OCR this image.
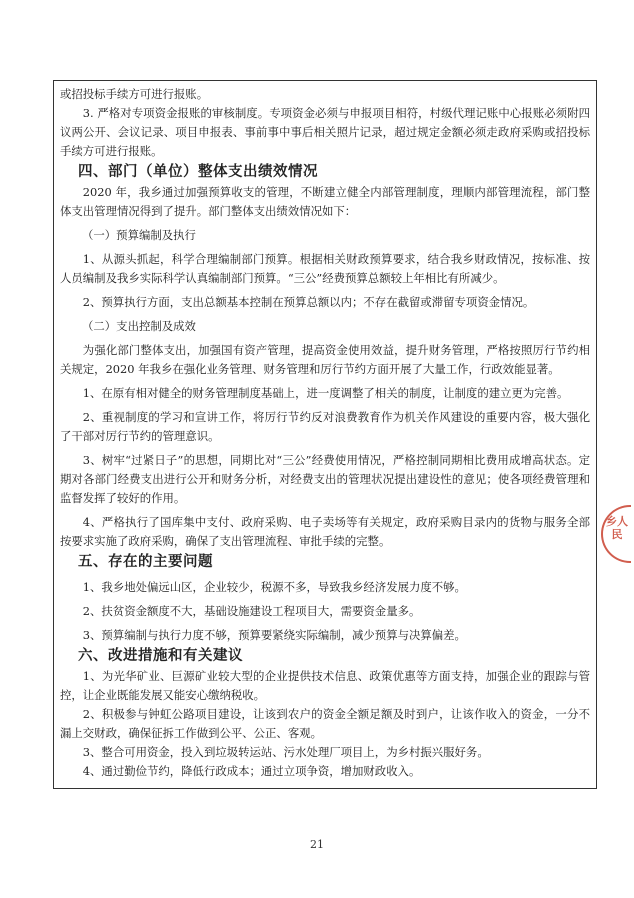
或招投标手续方可进行报账。

3. 严格对专项资金报账的审核制度。专项资金必须与申报项目相符，村级代理记账中心报账必须附四议两公开、会议记录、项目申报表、事前事中事后相关照片记录，超过规定金额必须走政府采购或招投标手续方可进行报账。

四、部门（单位）整体支出绩效情况

2020 年，我乡通过加强预算收支的管理，不断建立健全内部管理制度，理顺内部管理流程，部门整体支出管理情况得到了提升。部门整体支出绩效情况如下：

（一）预算编制及执行

1、从源头抓起，科学合理编制部门预算。根据相关财政预算要求，结合我乡财政情况，按标准、按人员编制及我乡实际科学认真编制部门预算。“三公”经费预算总额较上年相比有所减少。

2、预算执行方面，支出总额基本控制在预算总额以内；不存在截留或滞留专项资金情况。

（二）支出控制及成效

为强化部门整体支出，加强国有资产管理，提高资金使用效益，提升财务管理，严格按照厉行节约相关规定，2020 年我乡在强化业务管理、财务管理和厉行节约方面开展了大量工作，行政效能显著。

1、在原有相对健全的财务管理制度基础上，进一度调整了相关的制度，让制度的建立更为完善。

2、重视制度的学习和宣讲工作，将厉行节约反对浪费教育作为机关作风建设的重要内容，极大强化了干部对厉行节约的管理意识。

3、树牢“过紧日子”的思想，同期比对“三公”经费使用情况，严格控制同期相比费用成增高状态。定期对各部门经费支出进行公开和财务分析，对经费支出的管理状况提出建设性的意见；使各项经费管理和监督发挥了较好的作用。

4、严格执行了国库集中支付、政府采购、电子卖场等有关规定，政府采购目录内的货物与服务全部按要求实施了政府采购，确保了支出管理流程、审批手续的完整。

五、存在的主要问题

1、我乡地处偏远山区，企业较少，税源不多，导致我乡经济发展力度不够。

2、扶贫资金额度不大，基础设施建设工程项目大，需要资金量多。

3、预算编制与执行力度不够，预算要紧绕实际编制，减少预算与决算偏差。

六、改进措施和有关建议

1、为光华矿业、巨源矿业较大型的企业提供技术信息、政策优惠等方面支持，加强企业的跟踪与管控，让企业既能发展又能安心缴纳税收。

2、积极参与钟虹公路项目建设，让该到农户的资金全额足额及时到户，让该作收入的资金，一分不漏上交财政，确保征拆工作做到公平、公正、客观。

3、整合可用资金，投入到垃圾转运站、污水处理厂项目上，为乡村振兴服好务。

4、通过勤俭节约，降低行政成本；通过立项争资，增加财政收入。

乡人民
21
